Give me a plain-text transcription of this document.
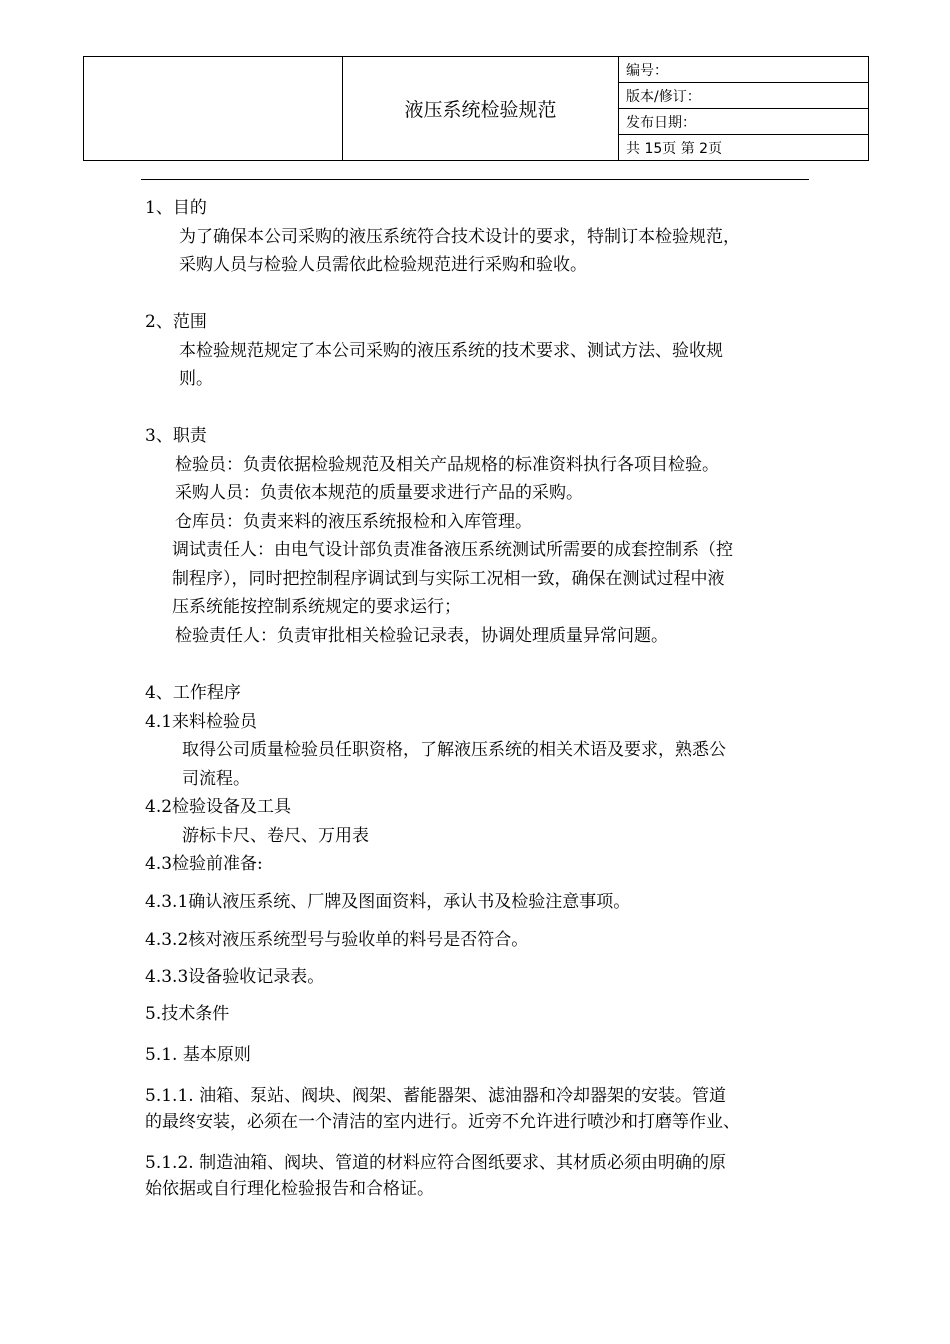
	液压系统检验规范	编号：
版本/修订：
发布日期：
共 15页 第 2页
1、目的
为了确保本公司采购的液压系统符合技术设计的要求，特制订本检验规范，
采购人员与检验人员需依此检验规范进行采购和验收。
2、范围
本检验规范规定了本公司采购的液压系统的技术要求、测试方法、验收规
则。
3、职责
检验员：负责依据检验规范及相关产品规格的标准资料执行各项目检验。
采购人员：负责依本规范的质量要求进行产品的采购。
仓库员：负责来料的液压系统报检和入库管理。
调试责任人：由电气设计部负责准备液压系统测试所需要的成套控制系（控
制程序），同时把控制程序调试到与实际工况相一致，确保在测试过程中液
压系统能按控制系统规定的要求运行；
检验责任人：负责审批相关检验记录表，协调处理质量异常问题。
4、工作程序
4.1来料检验员
取得公司质量检验员任职资格，了解液压系统的相关术语及要求，熟悉公
司流程。
4.2检验设备及工具
游标卡尺、卷尺、万用表
4.3检验前准备:
4.3.1确认液压系统、厂牌及图面资料，承认书及检验注意事项。
4.3.2核对液压系统型号与验收单的料号是否符合。
4.3.3设备验收记录表。
5.技术条件
5.1. 基本原则
5.1.1. 油箱、泵站、阀块、阀架、蓄能器架、滤油器和冷却器架的安装。管道
的最终安装，必须在一个清洁的室内进行。近旁不允许进行喷沙和打磨等作业、
5.1.2. 制造油箱、阀块、管道的材料应符合图纸要求、其材质必须由明确的原
始依据或自行理化检验报告和合格证。
